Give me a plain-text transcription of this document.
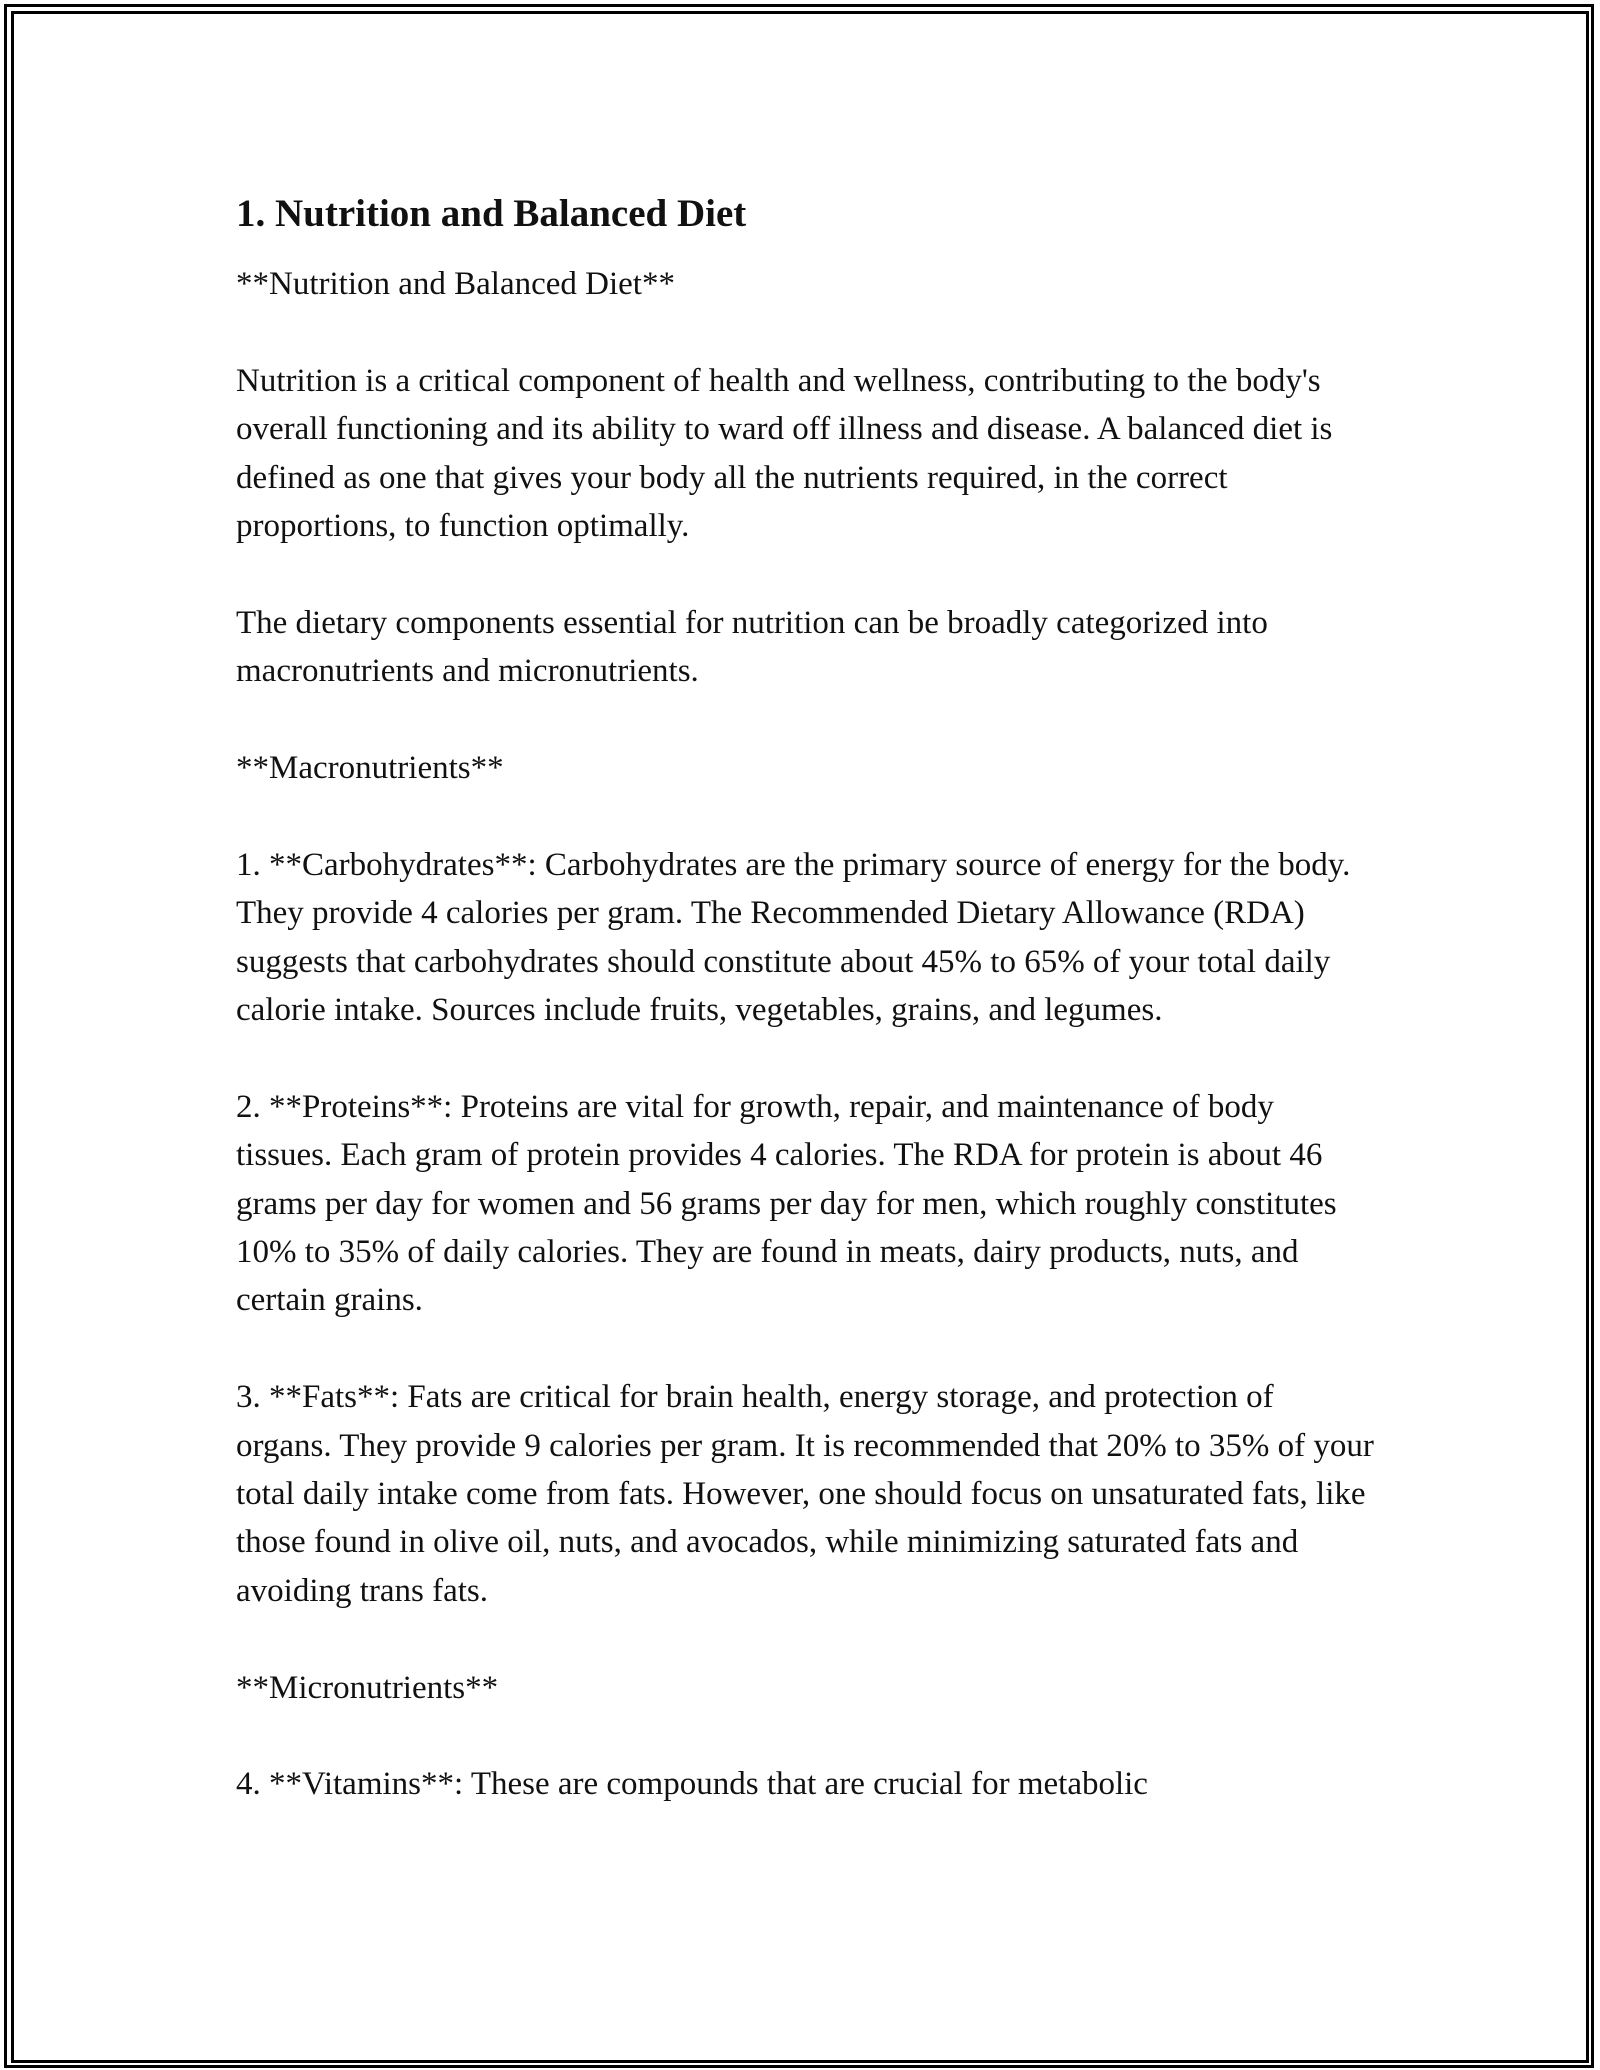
1. Nutrition and Balanced Diet

**Nutrition and Balanced Diet**

Nutrition is a critical component of health and wellness, contributing to the body's overall functioning and its ability to ward off illness and disease. A balanced diet is defined as one that gives your body all the nutrients required, in the correct proportions, to function optimally.

The dietary components essential for nutrition can be broadly categorized into macronutrients and micronutrients.

**Macronutrients**

1. **Carbohydrates**: Carbohydrates are the primary source of energy for the body. They provide 4 calories per gram. The Recommended Dietary Allowance (RDA) suggests that carbohydrates should constitute about 45% to 65% of your total daily calorie intake. Sources include fruits, vegetables, grains, and legumes.

2. **Proteins**: Proteins are vital for growth, repair, and maintenance of body tissues. Each gram of protein provides 4 calories. The RDA for protein is about 46 grams per day for women and 56 grams per day for men, which roughly constitutes 10% to 35% of daily calories. They are found in meats, dairy products, nuts, and certain grains.

3. **Fats**: Fats are critical for brain health, energy storage, and protection of organs. They provide 9 calories per gram. It is recommended that 20% to 35% of your total daily intake come from fats. However, one should focus on unsaturated fats, like those found in olive oil, nuts, and avocados, while minimizing saturated fats and avoiding trans fats.

**Micronutrients**

4. **Vitamins**: These are compounds that are crucial for metabolic
